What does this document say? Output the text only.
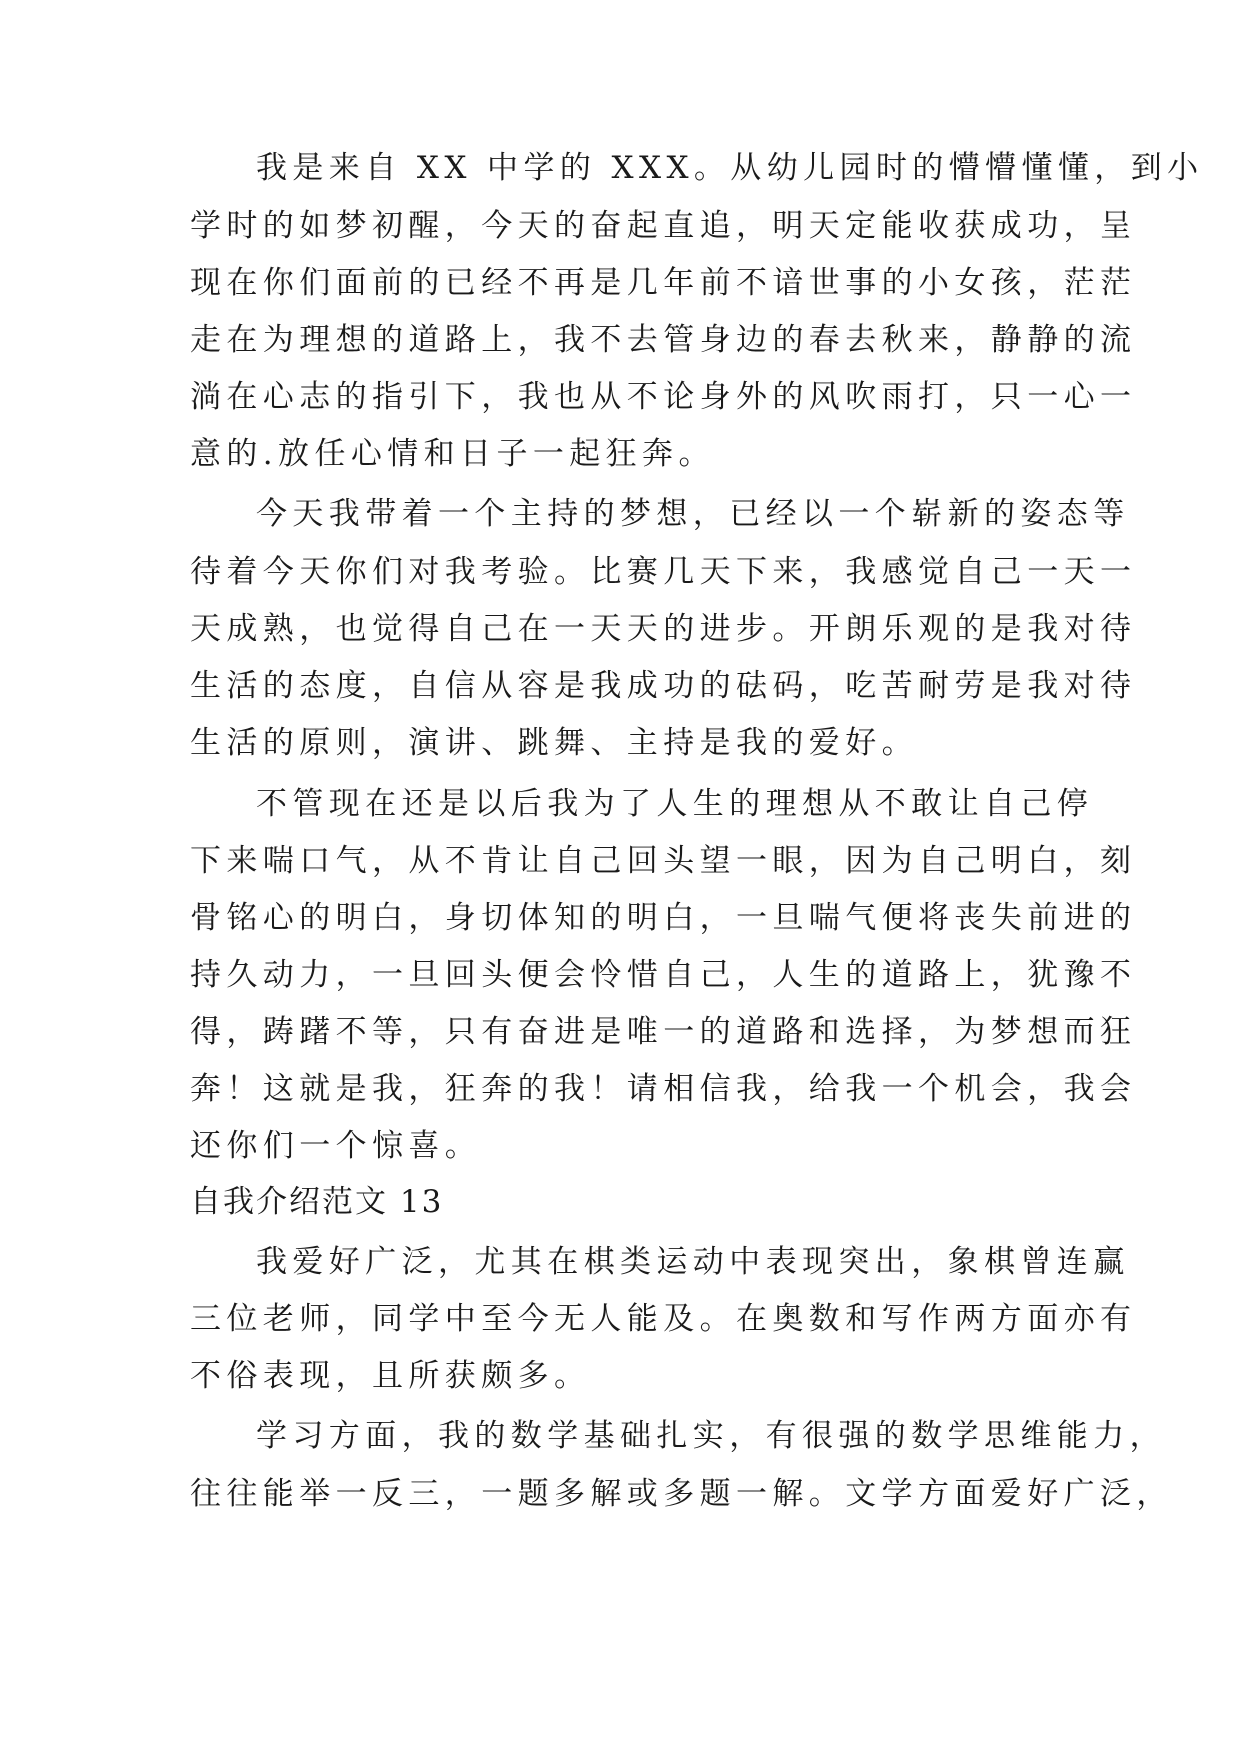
我是来自 XX 中学的 XXX。从幼儿园时的懵懵懂懂，到小
学时的如梦初醒，今天的奋起直追，明天定能收获成功，呈
现在你们面前的已经不再是几年前不谙世事的小女孩，茫茫
走在为理想的道路上，我不去管身边的春去秋来，静静的流
淌在心志的指引下，我也从不论身外的风吹雨打，只一心一
意的.放任心情和日子一起狂奔。
今天我带着一个主持的梦想，已经以一个崭新的姿态等
待着今天你们对我考验。比赛几天下来，我感觉自己一天一
天成熟，也觉得自己在一天天的进步。开朗乐观的是我对待
生活的态度，自信从容是我成功的砝码，吃苦耐劳是我对待
生活的原则，演讲、跳舞、主持是我的爱好。
不管现在还是以后我为了人生的理想从不敢让自己停
下来喘口气，从不肯让自己回头望一眼，因为自己明白，刻
骨铭心的明白，身切体知的明白，一旦喘气便将丧失前进的
持久动力，一旦回头便会怜惜自己，人生的道路上，犹豫不
得，踌躇不等，只有奋进是唯一的道路和选择，为梦想而狂
奔！这就是我，狂奔的我！请相信我，给我一个机会，我会
还你们一个惊喜。
自我介绍范文 13
我爱好广泛，尤其在棋类运动中表现突出，象棋曾连赢
三位老师，同学中至今无人能及。在奥数和写作两方面亦有
不俗表现，且所获颇多。
学习方面，我的数学基础扎实，有很强的数学思维能力，
往往能举一反三，一题多解或多题一解。文学方面爱好广泛，
